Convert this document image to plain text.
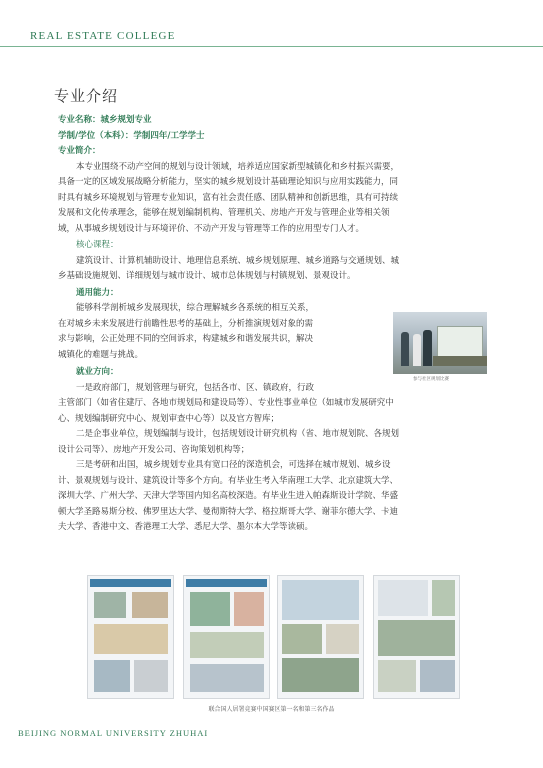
REAL ESTATE COLLEGE
专业介绍

专业名称：城乡规划专业

学制/学位（本科）：学制四年/工学学士

专业简介：

本专业围绕不动产空间的规划与设计领域，培养适应国家新型城镇化和乡村振兴需要，

具备一定的区域发展战略分析能力，坚实的城乡规划设计基础理论知识与应用实践能力，同

时具有城乡环境规划与管理专业知识，富有社会责任感、团队精神和创新思维，具有可持续

发展和文化传承理念，能够在规划编制机构、管理机关、房地产开发与管理企业等相关领

域，从事城乡规划设计与环境评价、不动产开发与管理等工作的应用型专门人才。

核心课程：

建筑设计、计算机辅助设计、地理信息系统、城乡规划原理、城乡道路与交通规划、城

乡基础设施规划、详细规划与城市设计、城市总体规划与村镇规划、景观设计。

通用能力：

能够科学剖析城乡发展现状，综合理解城乡各系统的相互关系，

在对城乡未来发展进行前瞻性思考的基础上，分析推演规划对象的需

求与影响，公正处理不同的空间诉求，构建城乡和谐发展共识，解决

城镇化的难题与挑战。

就业方向：

一是政府部门，规划管理与研究，包括各市、区、镇政府，行政

主管部门（如省住建厅、各地市规划局和建设局等）、专业性事业单位（如城市发展研究中

心、规划编制研究中心、规划审查中心等）以及官方智库；

二是企事业单位，规划编制与设计，包括规划设计研究机构（省、地市规划院、各规划

设计公司等）、房地产开发公司、咨询策划机构等；

三是考研和出国，城乡规划专业具有宽口径的深造机会，可选择在城市规划、城乡设

计、景观规划与设计、建筑设计等多个方向。有毕业生考入华南理工大学、北京建筑大学、

深圳大学、广州大学、天津大学等国内知名高校深造。有毕业生进入帕森斯设计学院、华盛

顿大学圣路易斯分校、佛罗里达大学、曼彻斯特大学、格拉斯哥大学、谢菲尔德大学、卡迪

夫大学、香港中文、香港理工大学、悉尼大学、墨尔本大学等读硕。

参与社区规划比赛
联合国人居署竞赛中国赛区第一名和第三名作品
BEIJING NORMAL UNIVERSITY ZHUHAI
